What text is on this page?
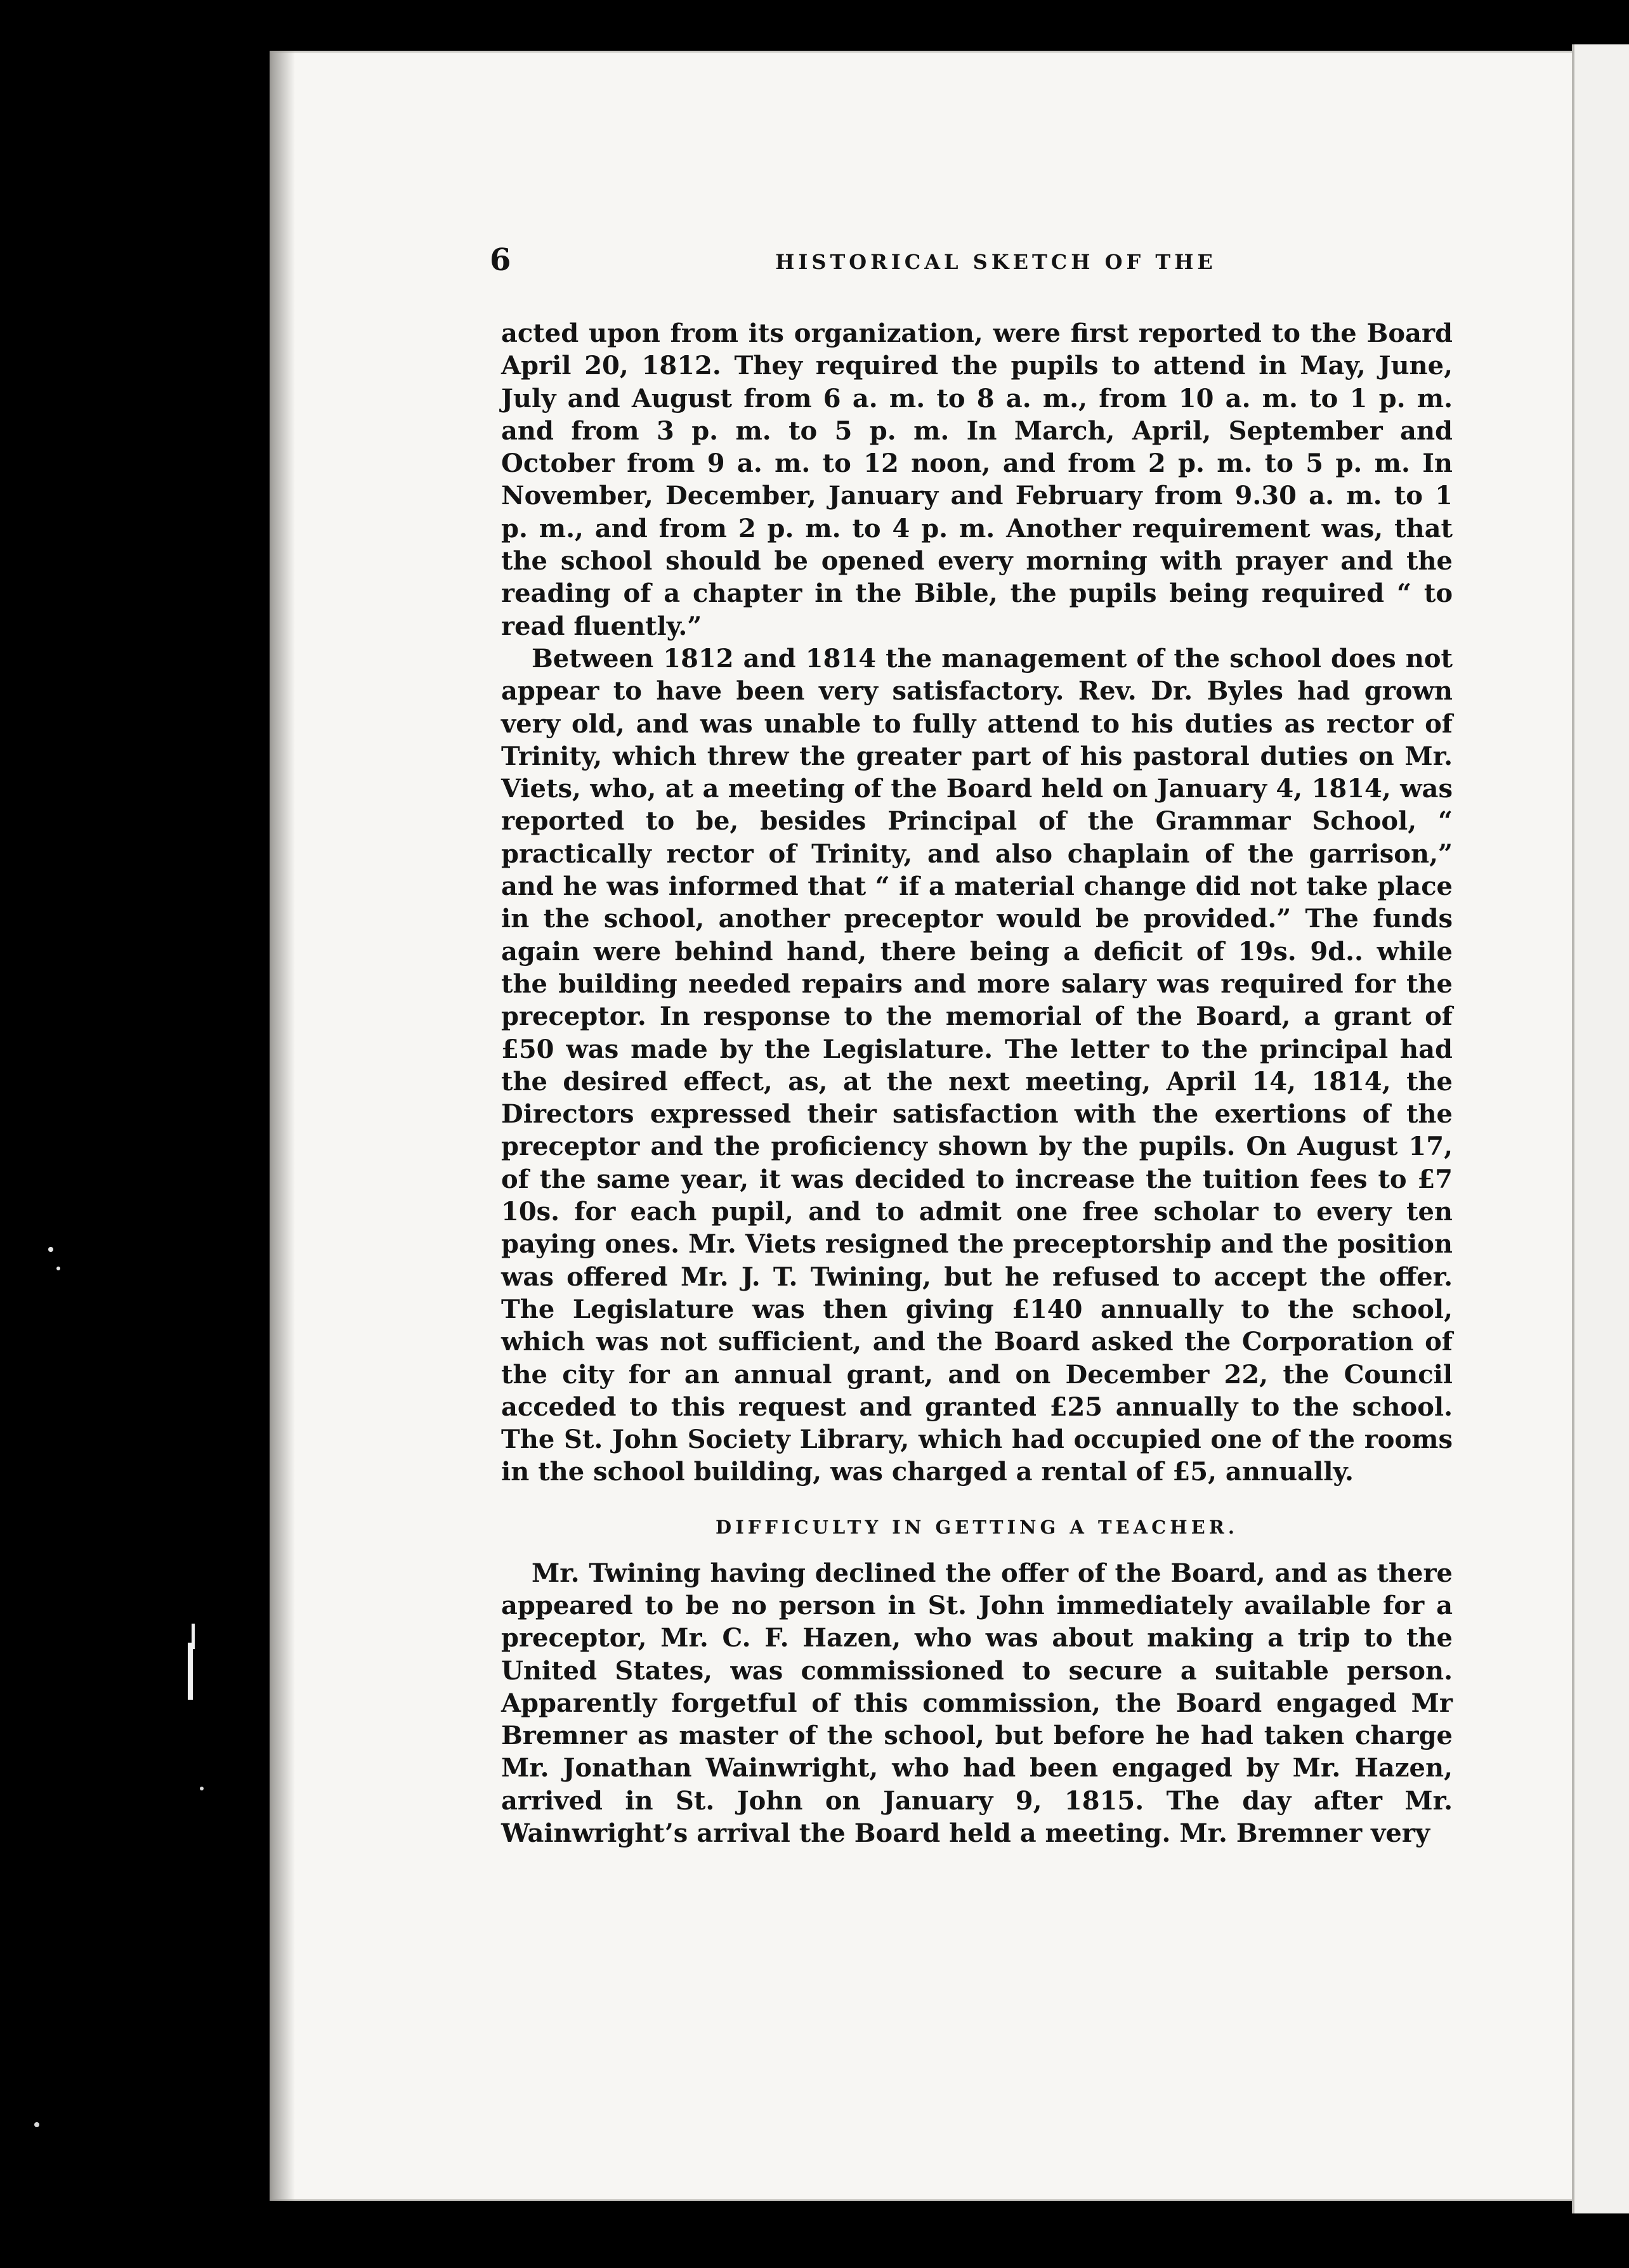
6	HISTORICAL SKETCH OF THE

acted upon from its organization, were first reported to the Board April 20, 1812. They required the pupils to attend in May, June, July and August from 6 a. m. to 8 a. m., from 10 a. m. to 1 p. m. and from 3 p. m. to 5 p. m. In March, April, September and October from 9 a. m. to 12 noon, and from 2 p. m. to 5 p. m. In November, December, January and February from 9.30 a. m. to 1 p. m., and from 2 p. m. to 4 p. m. Another requirement was, that the school should be opened every morning with prayer and the reading of a chapter in the Bible, the pupils being required “ to read fluently.”

Between 1812 and 1814 the management of the school does not appear to have been very satisfactory. Rev. Dr. Byles had grown very old, and was unable to fully attend to his duties as rector of Trinity, which threw the greater part of his pastoral duties on Mr. Viets, who, at a meeting of the Board held on January 4, 1814, was reported to be, besides Principal of the Grammar School, “ practically rector of Trinity, and also chaplain of the garrison,” and he was informed that “ if a material change did not take place in the school, another preceptor would be provided.” The funds again were behind hand, there being a deficit of 19s. 9d.. while the building needed repairs and more salary was required for the preceptor. In response to the memorial of the Board, a grant of £50 was made by the Legislature. The letter to the principal had the desired effect, as, at the next meeting, April 14, 1814, the Directors expressed their satisfaction with the exertions of the preceptor and the proficiency shown by the pupils. On August 17, of the same year, it was decided to increase the tuition fees to £7 10s. for each pupil, and to admit one free scholar to every ten paying ones. Mr. Viets resigned the preceptorship and the position was offered Mr. J. T. Twining, but he refused to accept the offer. The Legislature was then giving £140 annually to the school, which was not sufficient, and the Board asked the Corporation of the city for an annual grant, and on December 22, the Council acceded to this request and granted £25 annually to the school. The St. John Society Library, which had occupied one of the rooms in the school building, was charged a rental of £5, annually.

DIFFICULTY IN GETTING A TEACHER.

Mr. Twining having declined the offer of the Board, and as there appeared to be no person in St. John immediately available for a preceptor, Mr. C. F. Hazen, who was about making a trip to the United States, was commissioned to secure a suitable person. Apparently forgetful of this commission, the Board engaged Mr Bremner as master of the school, but before he had taken charge Mr. Jonathan Wainwright, who had been engaged by Mr. Hazen, arrived in St. John on January 9, 1815. The day after Mr. Wainwright’s arrival the Board held a meeting. Mr. Bremner very
